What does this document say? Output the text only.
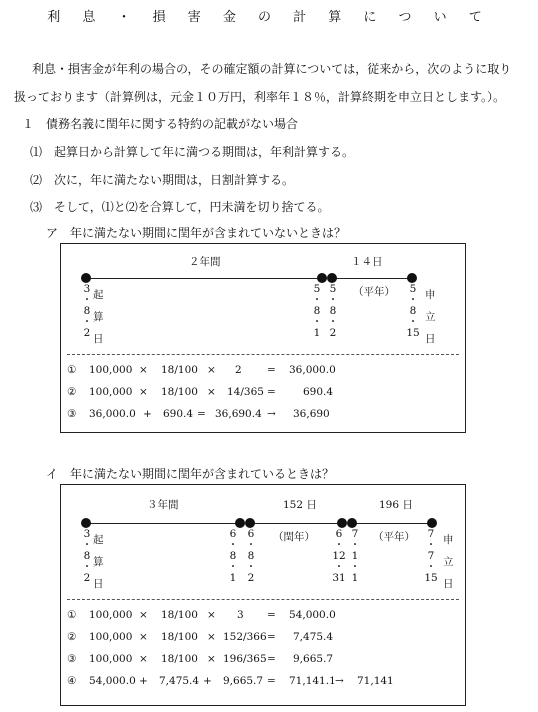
利 息 ・ 損 害 金 の 計 算 に つ い て
利息・損害金が年利の場合の，その確定額の計算については，従来から，次のように取り
扱っております（計算例は，元金１０万円，利率年１８％，計算終期を申立日とします。）。
１　債務名義に閏年に関する特約の記載がない場合
⑴　起算日から計算して年に満つる期間は，年利計算する。
⑵　次に，年に満たない期間は，日割計算する。
⑶　そして，⑴と⑵を合算して，円未満を切り捨てる。
ア　年に満たない期間に閏年が含まれていないときは？
２年間	１４日
（平年）
3
・
8
・
2
起
算
日
5
・
8
・
1
5
・
8
・
2
5
・
8
・
15
申
立
日
① 100,000 × 18/100 × 2 = 36,000.0
② 100,000 × 18/100 × 14/365 =	690.4
③ 36,000.0 + 690.4 = 36,690.4 → 36,690
イ　年に満たない期間に閏年が含まれているときは？
３年間	152 日	196 日
（閏年）	（平年）
3
・
8
・
2
起
算
日
6
・
8
・
1
6
・
8
・
2
6
・
12
・
31
7
・
1
・
1
7
・
7
・
15
申
立
日
① 100,000 × 18/100 × 3 = 54,000.0
② 100,000 × 18/100 × 152/366 = 7,475.4
③ 100,000 × 18/100 × 196/365 = 9,665.7
④ 54,000.0 + 7,475.4 + 9,665.7 = 71,141.1 → 71,141
